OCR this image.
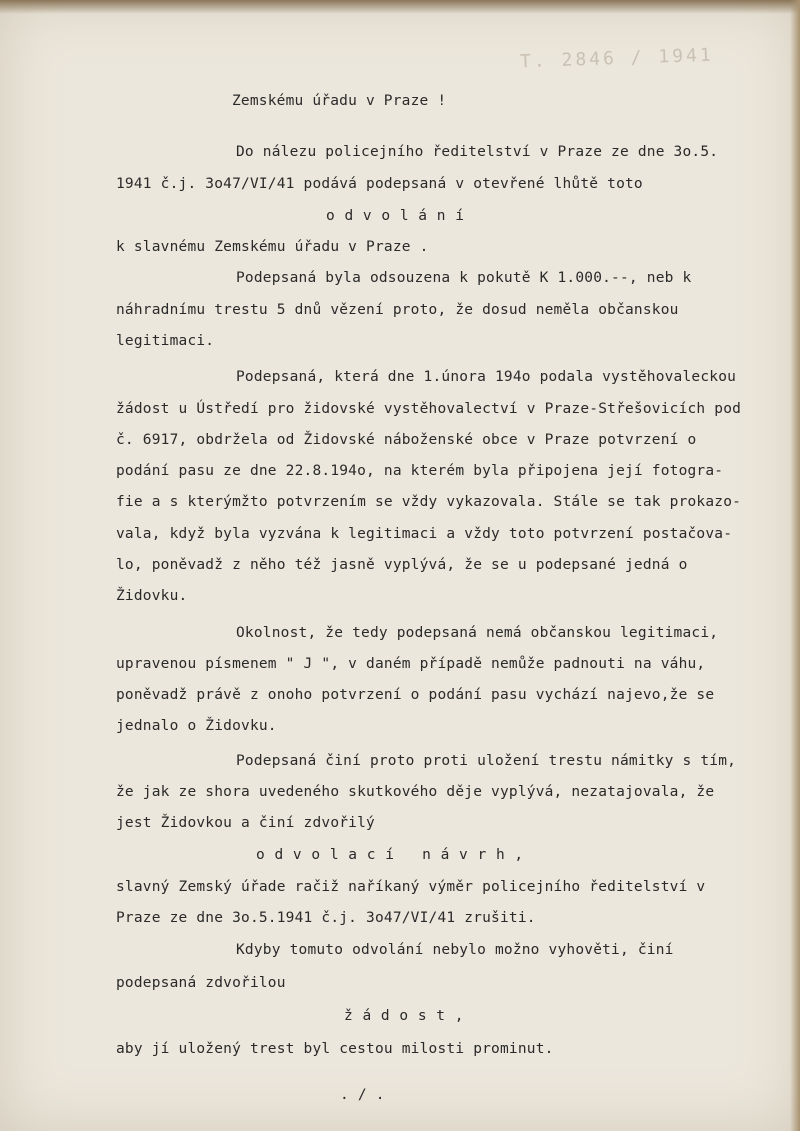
T. 2846 / 1941
Zemskému úřadu v Praze !
Do nálezu policejního ředitelství v Praze ze dne 3o.5.
1941 č.j. 3o47/VI/41 podává podepsaná v otevřené lhůtě toto
o d v o l á n í
k slavnému Zemskému úřadu v Praze .
Podepsaná byla odsouzena k pokutě K 1.000.--, neb k
náhradnímu trestu 5 dnů vězení proto, že dosud neměla občanskou
legitimaci.
Podepsaná, která dne 1.února 194o podala vystěhovaleckou
žádost u Ústředí pro židovské vystěhovalectví v Praze-Střešovicích pod
č. 6917, obdržela od Židovské náboženské obce v Praze potvrzení o
podání pasu ze dne 22.8.194o, na kterém byla připojena její fotogra-
fie a s kterýmžto potvrzením se vždy vykazovala. Stále se tak prokazo-
vala, když byla vyzvána k legitimaci a vždy toto potvrzení postačova-
lo, poněvadž z něho též jasně vyplývá, že se u podepsané jedná o
Židovku.
Okolnost, že tedy podepsaná nemá občanskou legitimaci,
upravenou písmenem " J ", v daném případě nemůže padnouti na váhu,
poněvadž právě z onoho potvrzení o podání pasu vychází najevo,že se
jednalo o Židovku.
Podepsaná činí proto proti uložení trestu námitky s tím,
že jak ze shora uvedeného skutkového děje vyplývá, nezatajovala, že
jest Židovkou a činí zdvořilý
o d v o l a c í   n á v r h ,
slavný Zemský úřade račiž naříkaný výměr policejního ředitelství v
Praze ze dne 3o.5.1941 č.j. 3o47/VI/41 zrušiti.
Kdyby tomuto odvolání nebylo možno vyhověti, činí
podepsaná zdvořilou
ž á d o s t ,
aby jí uložený trest byl cestou milosti prominut.
. / .
